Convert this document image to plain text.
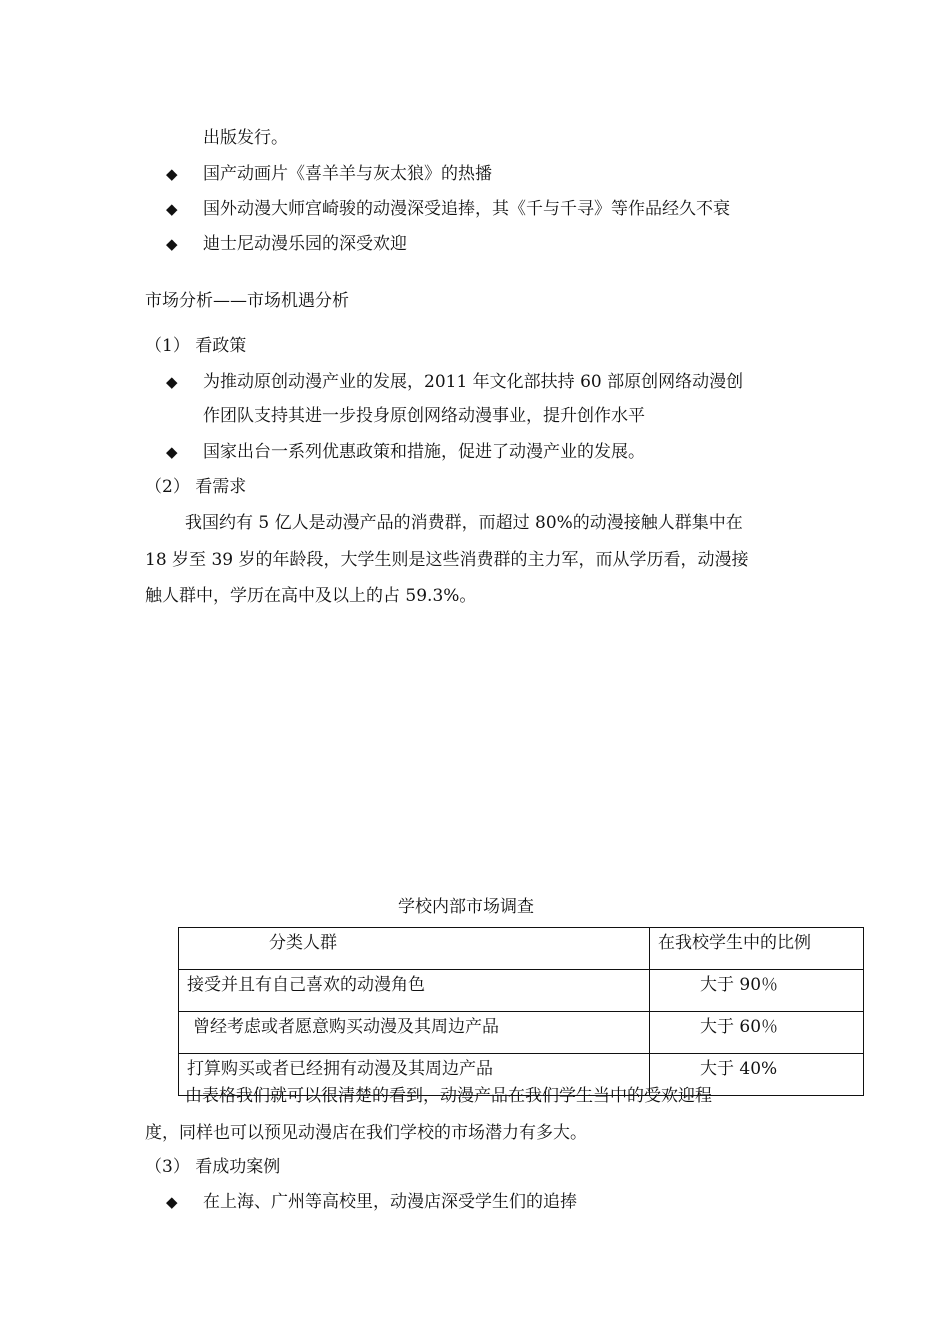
出版发行。
◆ 国产动画片《喜羊羊与灰太狼》的热播
◆ 国外动漫大师宫崎骏的动漫深受追捧，其《千与千寻》等作品经久不衰
◆ 迪士尼动漫乐园的深受欢迎
市场分析——市场机遇分析
（1） 看政策
◆ 为推动原创动漫产业的发展，2011 年文化部扶持 60 部原创网络动漫创
作团队支持其进一步投身原创网络动漫事业，提升创作水平
◆ 国家出台一系列优惠政策和措施，促进了动漫产业的发展。
（2） 看需求
我国约有 5 亿人是动漫产品的消费群，而超过 80%的动漫接触人群集中在
18 岁至 39 岁的年龄段，大学生则是这些消费群的主力军，而从学历看，动漫接
触人群中，学历在高中及以上的占 59.3%。
学校内部市场调查
分类人群	在我校学生中的比例
接受并且有自己喜欢的动漫角色	大于 90％
曾经考虑或者愿意购买动漫及其周边产品	大于 60％
打算购买或者已经拥有动漫及其周边产品	大于 40%
由表格我们就可以很清楚的看到，动漫产品在我们学生当中的受欢迎程
度，同样也可以预见动漫店在我们学校的市场潜力有多大。
（3） 看成功案例
◆ 在上海、广州等高校里，动漫店深受学生们的追捧
